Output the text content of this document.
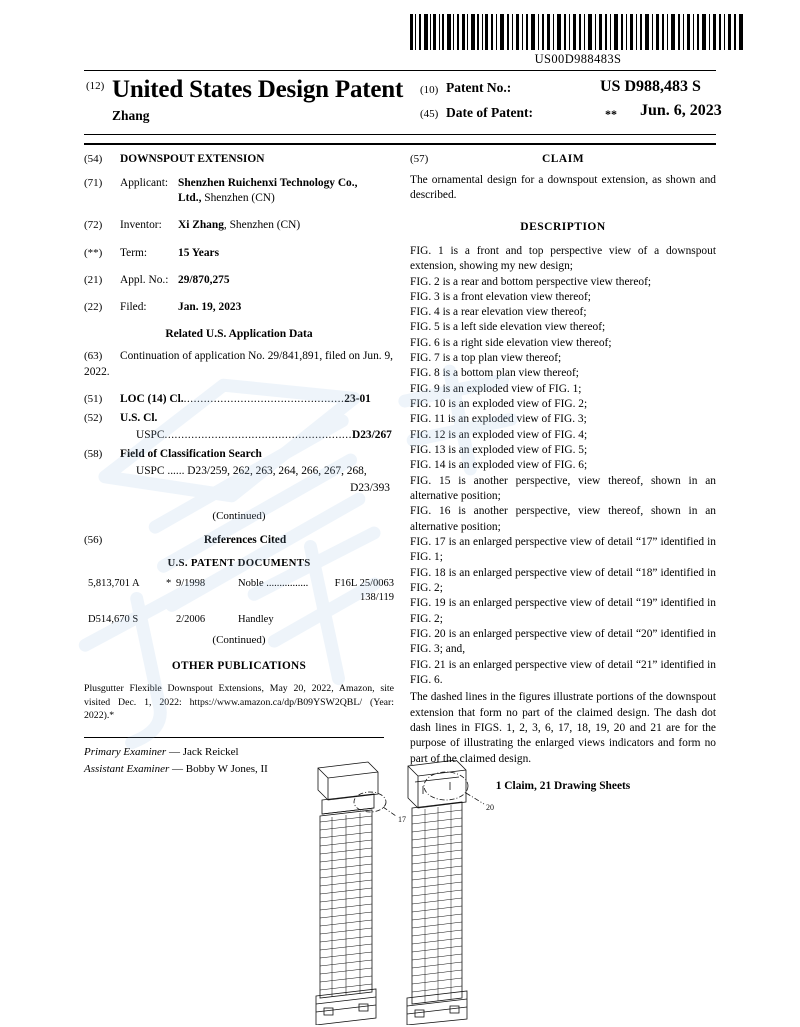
US00D988483S
(12) United States Design Patent
Zhang
(10) Patent No.:	US D988,483 S
(45) Date of Patent:	** Jun. 6, 2023
(54)	DOWNSPOUT EXTENSION
(71)	Applicant: Shenzhen Ruichenxi Technology Co., Ltd., Shenzhen (CN)
(72)	Inventor: Xi Zhang, Shenzhen (CN)
(**)	Term:	15 Years
(21)	Appl. No.: 29/870,275
(22)	Filed:	Jan. 19, 2023
Related U.S. Application Data
(63)	Continuation of application No. 29/841,891, filed on Jun. 9, 2022.
(51)	LOC (14) Cl.................................................23-01
(52)	U.S. Cl.
USPC........................................................D23/267
(58)	Field of Classification Search
USPC ...... D23/259, 262, 263, 264, 266, 267, 268,
D23/393
(Continued)
(56)	References Cited
U.S. PATENT DOCUMENTS
5,813,701 A	* 9/1998	Noble ................	F16L 25/0063
138/119
D514,670 S	2/2006	Handley
(Continued)
OTHER PUBLICATIONS
Plusgutter Flexible Downspout Extensions, May 20, 2022, Amazon, site visited Dec. 1, 2022: https://www.amazon.ca/dp/B09YSW2QBL/ (Year: 2022).*
Primary Examiner — Jack Reickel
Assistant Examiner — Bobby W Jones, II
(57)	CLAIM
The ornamental design for a downspout extension, as shown and described.
DESCRIPTION
FIG. 1 is a front and top perspective view of a downspout extension, showing my new design;
FIG. 2 is a rear and bottom perspective view thereof;
FIG. 3 is a front elevation view thereof;
FIG. 4 is a rear elevation view thereof;
FIG. 5 is a left side elevation view thereof;
FIG. 6 is a right side elevation view thereof;
FIG. 7 is a top plan view thereof;
FIG. 8 is a bottom plan view thereof;
FIG. 9 is an exploded view of FIG. 1;
FIG. 10 is an exploded view of FIG. 2;
FIG. 11 is an exploded view of FIG. 3;
FIG. 12 is an exploded view of FIG. 4;
FIG. 13 is an exploded view of FIG. 5;
FIG. 14 is an exploded view of FIG. 6;
FIG. 15 is another perspective, view thereof, shown in an alternative position;
FIG. 16 is another perspective, view thereof, shown in an alternative position;
FIG. 17 is an enlarged perspective view of detail “17” identified in FIG. 1;
FIG. 18 is an enlarged perspective view of detail “18” identified in FIG. 2;
FIG. 19 is an enlarged perspective view of detail “19” identified in FIG. 2;
FIG. 20 is an enlarged perspective view of detail “20” identified in FIG. 3; and,
FIG. 21 is an enlarged perspective view of detail “21” identified in FIG. 6.
The dashed lines in the figures illustrate portions of the downspout extension that form no part of the claimed design. The dash dot dash lines in FIGS. 1, 2, 3, 6, 17, 18, 19, 20 and 21 are for the purpose of illustrating the enlarged views indicators and form no part of the claimed design.
1 Claim, 21 Drawing Sheets
17
20
